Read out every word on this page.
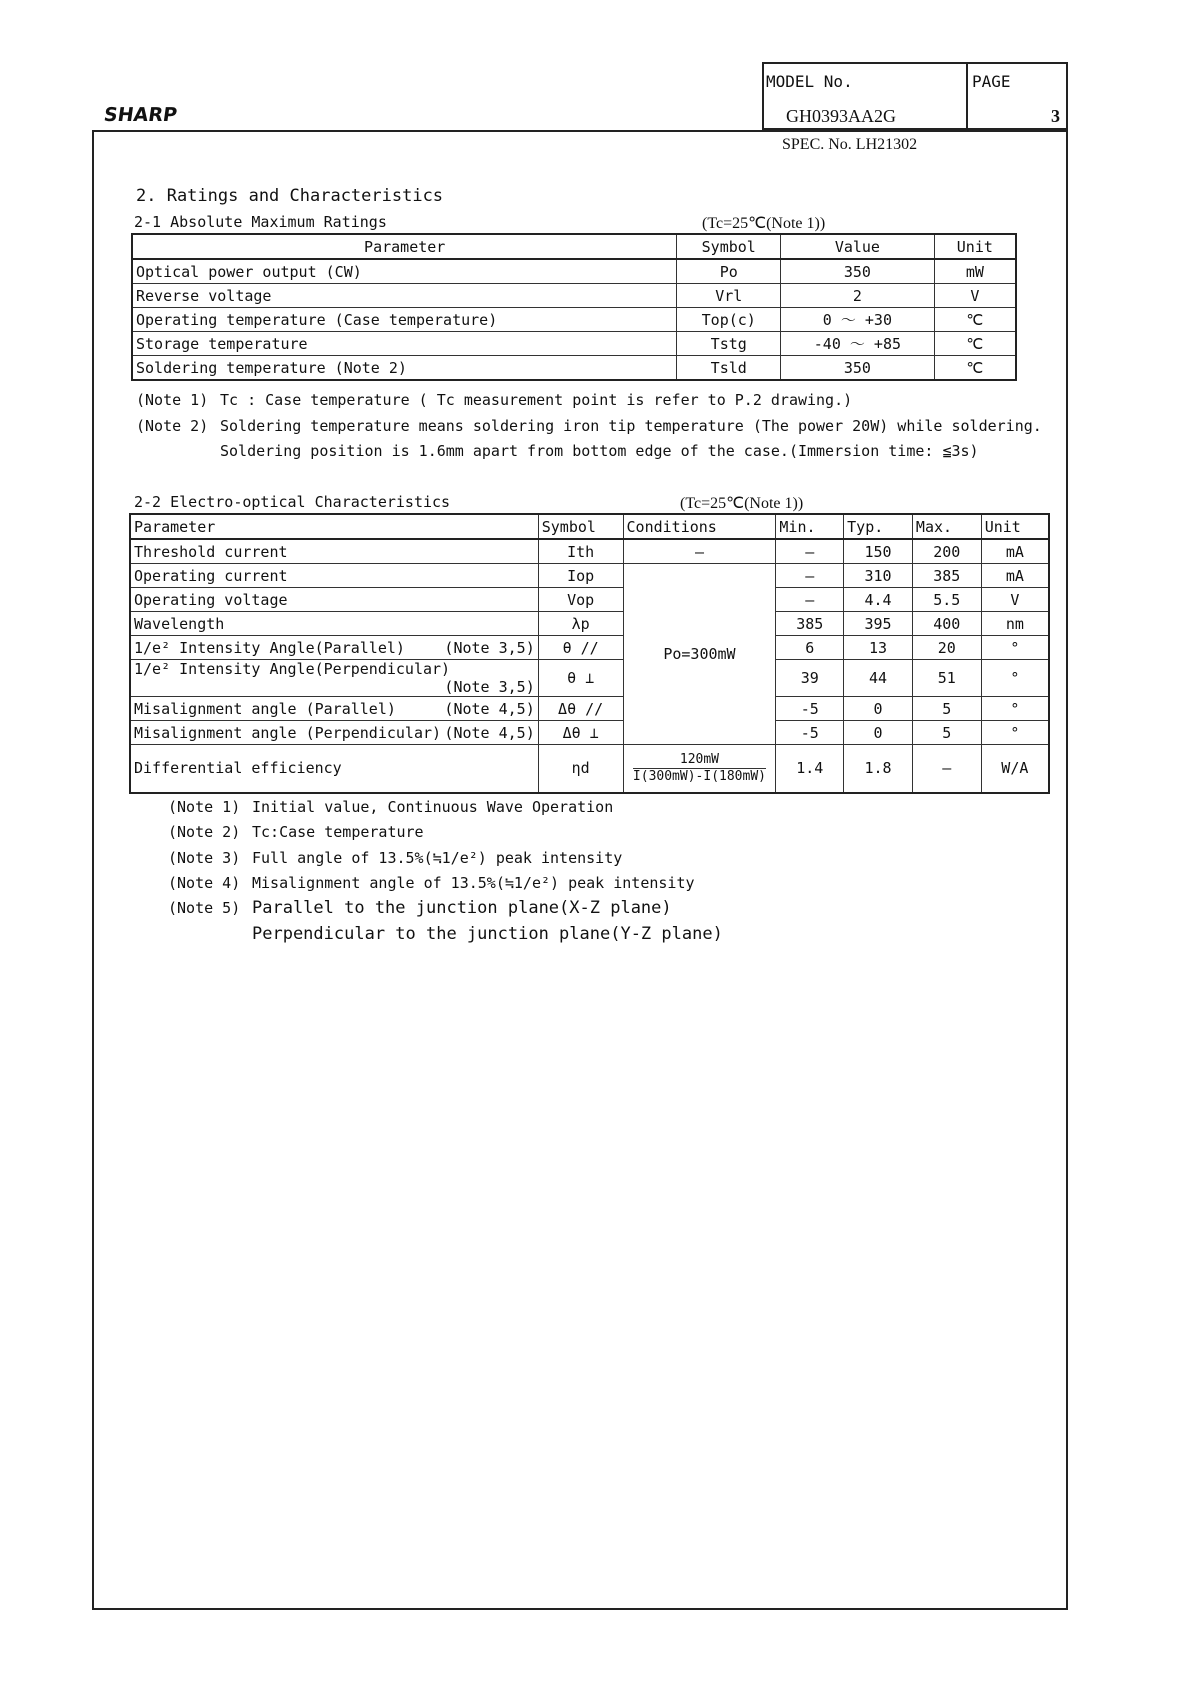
SHARP
MODEL No.
GH0393AA2G
PAGE
3
SPEC. No. LH21302
2. Ratings and Characteristics
2-1 Absolute Maximum Ratings	(Tc=25℃(Note 1))
Parameter	Symbol	Value	Unit
Optical power output (CW)	Po	350	mW
Reverse voltage	Vrl	2	V
Operating temperature (Case temperature)	Top(c)	0 ～ +30	℃
Storage temperature	Tstg	-40 ～ +85	℃
Soldering temperature (Note 2)	Tsld	350	℃
(Note 1) Tc : Case temperature ( Tc measurement point is refer to P.2 drawing.)
(Note 2) Soldering temperature means soldering iron tip temperature (The power 20W) while soldering.
Soldering position is 1.6mm apart from bottom edge of the case.(Immersion time: ≦3s)
2-2 Electro-optical Characteristics	(Tc=25℃(Note 1))
Parameter	Symbol	Conditions	Min.	Typ.	Max.	Unit
Threshold current	Ith	–	–	150	200	mA
Operating current	Iop	Po=300mW	–	310	385	mA
Operating voltage	Vop		–	4.4	5.5	V
Wavelength	λp		385	395	400	nm
1/e² Intensity Angle(Parallel) (Note 3,5)	θ //		6	13	20	°
1/e² Intensity Angle(Perpendicular)
(Note 3,5)	θ ⊥		39	44	51	°
Misalignment angle (Parallel) (Note 4,5)	Δθ //		-5	0	5	°
Misalignment angle (Perpendicular) (Note 4,5)	Δθ ⊥		-5	0	5	°
Differential efficiency	ηd	$\frac{120mW}{I(300mW)-I(180mW)}$	1.4	1.8	–	W/A
(Note 1) Initial value, Continuous Wave Operation
(Note 2) Tc:Case temperature
(Note 3) Full angle of 13.5%(≒1/e²) peak intensity
(Note 4) Misalignment angle of 13.5%(≒1/e²) peak intensity
(Note 5) Parallel to the junction plane(X-Z plane)
Perpendicular to the junction plane(Y-Z plane)
